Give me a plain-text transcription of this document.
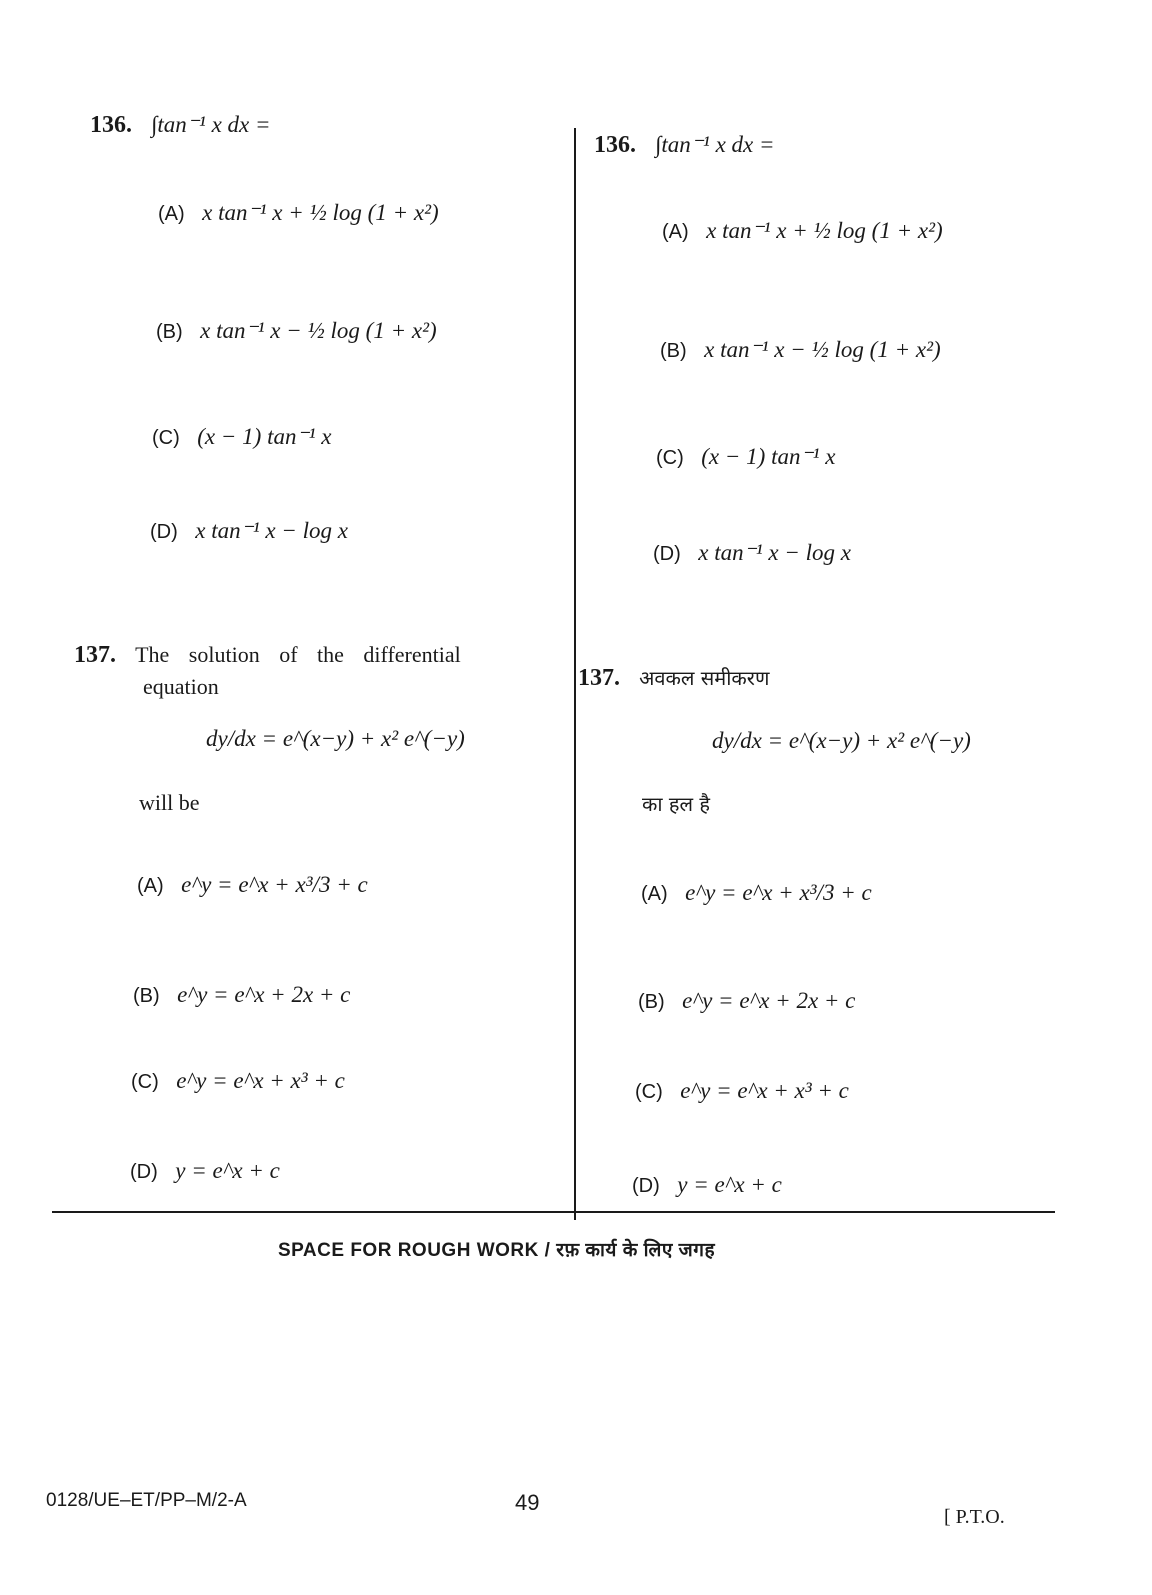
136. ∫tan⁻¹ x dx =
(A) x tan⁻¹ x + ½ log (1 + x²)
(B) x tan⁻¹ x − ½ log (1 + x²)
(C) (x − 1) tan⁻¹ x
(D) x tan⁻¹ x − log x
137. The solution of the differential
equation
dy/dx = e^(x−y) + x² e^(−y)
will be
(A) e^y = e^x + x³/3 + c
(B) e^y = e^x + 2x + c
(C) e^y = e^x + x³ + c
(D) y = e^x + c
136. ∫tan⁻¹ x dx =
(A) x tan⁻¹ x + ½ log (1 + x²)
(B) x tan⁻¹ x − ½ log (1 + x²)
(C) (x − 1) tan⁻¹ x
(D) x tan⁻¹ x − log x
137. अवकल समीकरण
dy/dx = e^(x−y) + x² e^(−y)
का हल है
(A) e^y = e^x + x³/3 + c
(B) e^y = e^x + 2x + c
(C) e^y = e^x + x³ + c
(D) y = e^x + c
SPACE FOR ROUGH WORK / रफ़ कार्य के लिए जगह
0128/UE–ET/PP–M/2-A	49
[ P.T.O.
